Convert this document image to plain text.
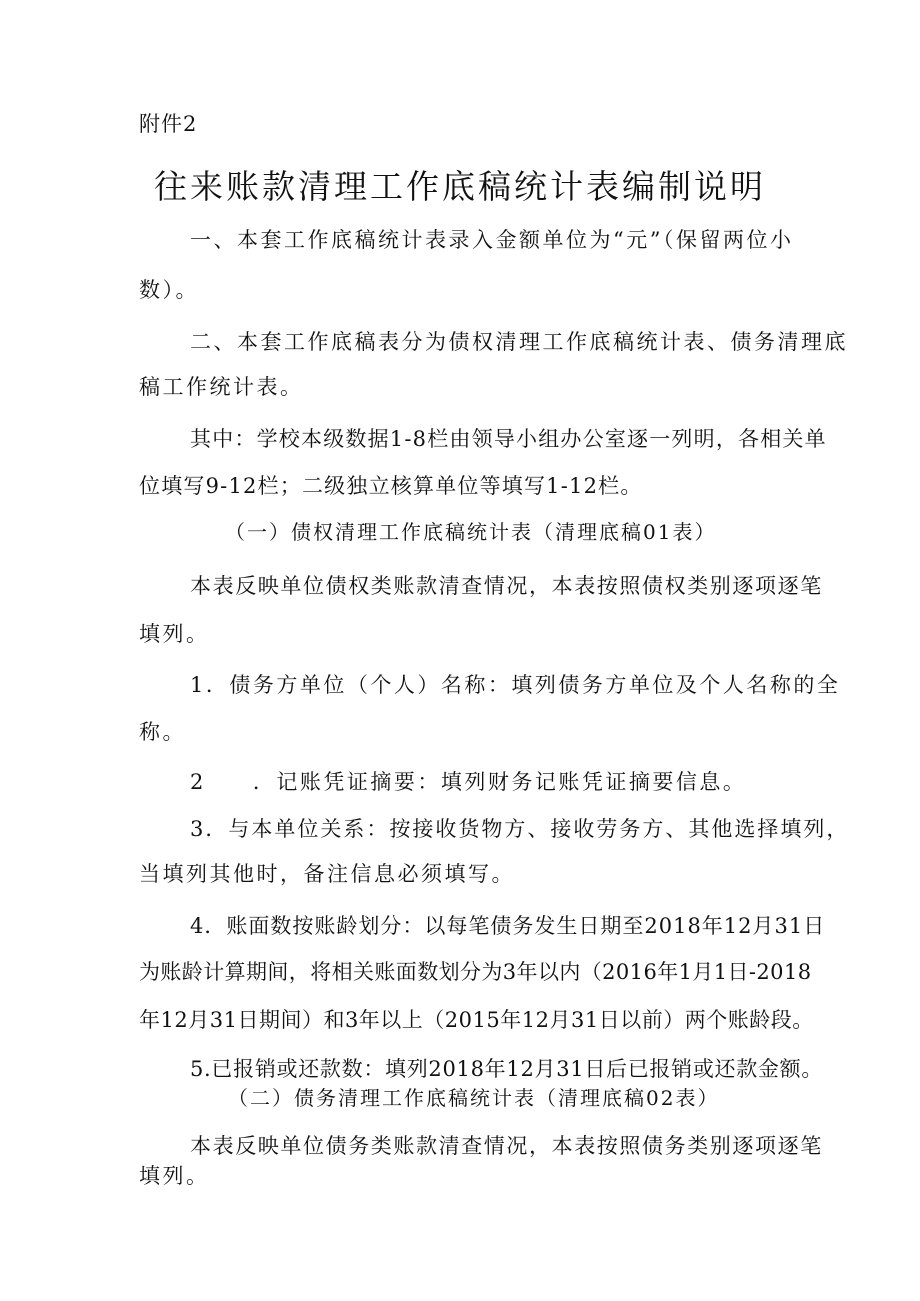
附件2
往来账款清理工作底稿统计表编制说明
一、本套工作底稿统计表录入金额单位为“元”（保留两位小
数）。
二、本套工作底稿表分为债权清理工作底稿统计表、债务清理底
稿工作统计表。
其中：学校本级数据1-8栏由领导小组办公室逐一列明，各相关单
位填写9-12栏；二级独立核算单位等填写1-12栏。
（一）债权清理工作底稿统计表（清理底稿01表）
本表反映单位债权类账款清查情况，本表按照债权类别逐项逐笔
填列。
1．债务方单位（个人）名称：填列债务方单位及个人名称的全
称。
2　　．记账凭证摘要：填列财务记账凭证摘要信息。
3．与本单位关系：按接收货物方、接收劳务方、其他选择填列，
当填列其他时，备注信息必须填写。
4．账面数按账龄划分：以每笔债务发生日期至2018年12月31日
为账龄计算期间，将相关账面数划分为3年以内（2016年1月1日-2018
年12月31日期间）和3年以上（2015年12月31日以前）两个账龄段。
5.已报销或还款数：填列2018年12月31日后已报销或还款金额。
（二）债务清理工作底稿统计表（清理底稿02表）
本表反映单位债务类账款清查情况，本表按照债务类别逐项逐笔
填列。
